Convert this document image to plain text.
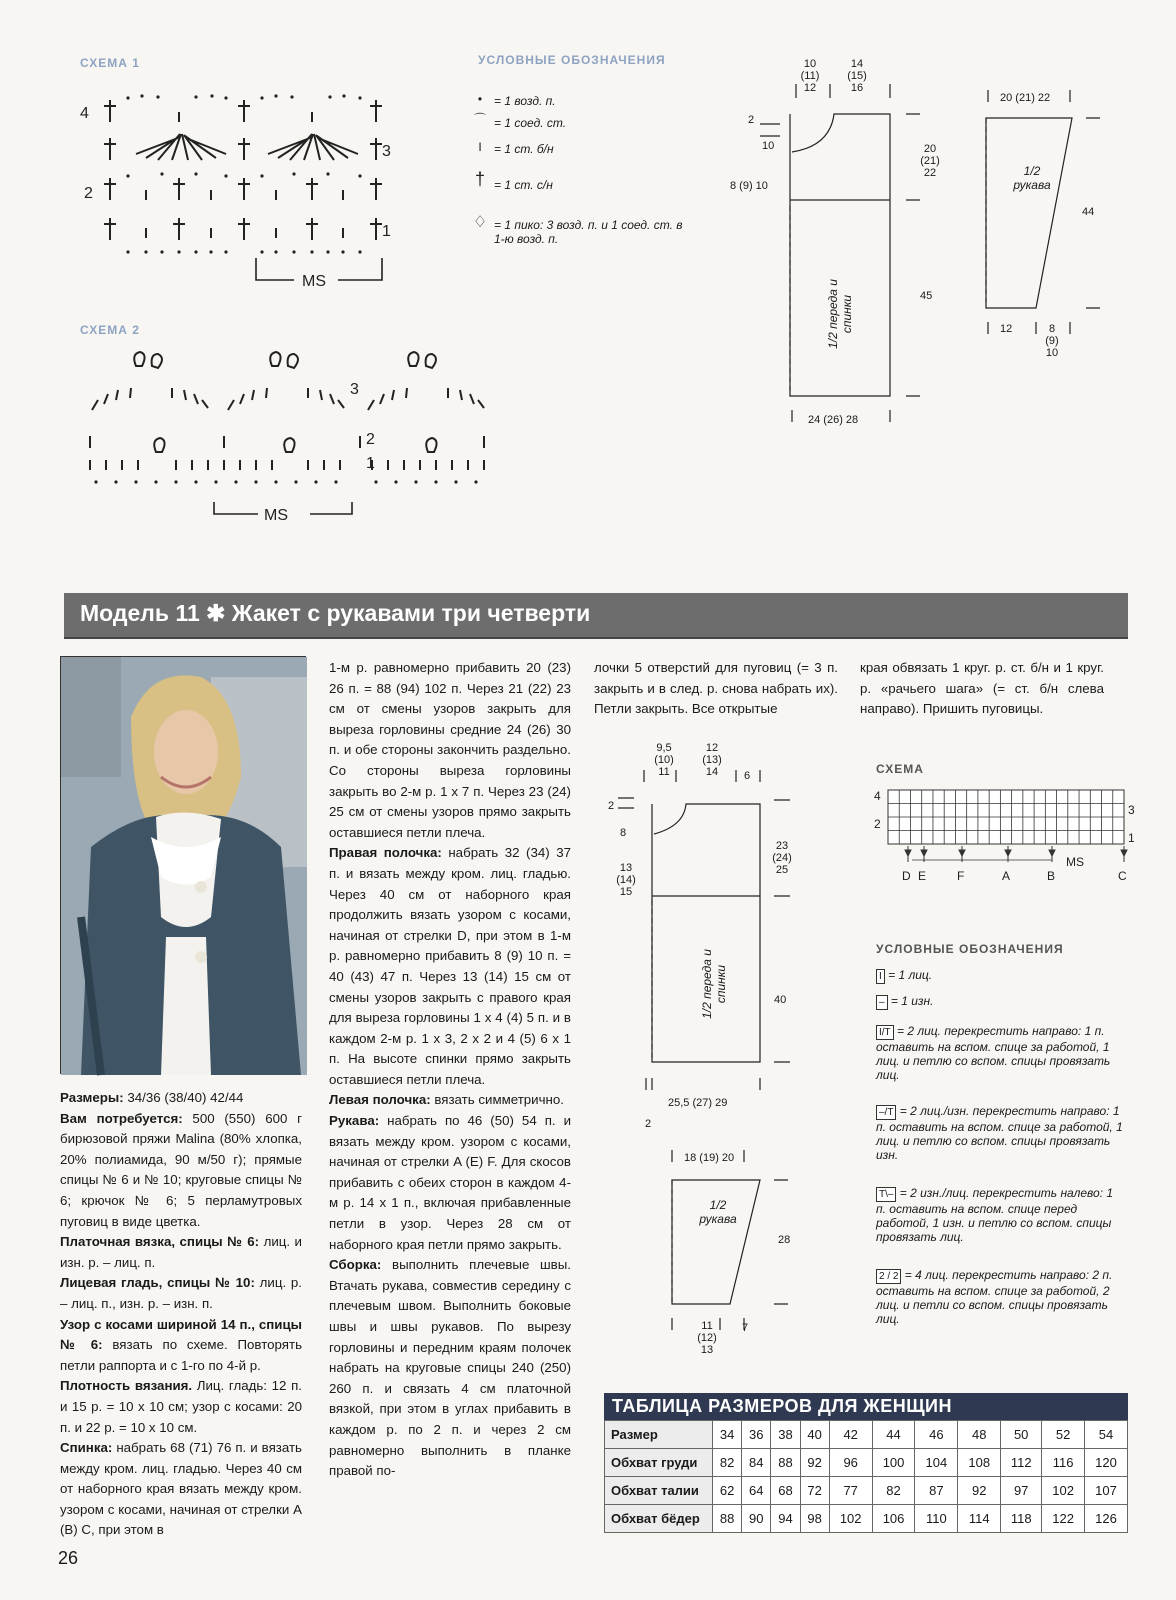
СХЕМА 1
4
3
2
1
MS
СХЕМА 2
3
2
1
MS
УСЛОВНЫЕ ОБОЗНАЧЕНИЯ
• = 1 возд. п.
⌒ = 1 соед. ст.
I	= 1 ст. б/н
† = 1 ст. с/н
♢ = 1 пико: 3 возд. п. и 1 соед. ст. в 1-ю возд. п.
10
(11)
12
14
(15)
16
2
10
8 (9) 10
20
(21)
22
45
24 (26) 28
1/2 переда и спинки
20 (21) 22
44
12	8
(9)
10
1/2 рукава
Модель 11 ✱ Жакет с рукавами три четверти
Размеры: 34/36 (38/40) 42/44
Вам потребуется: 500 (550) 600 г бирюзовой пряжи Malina (80% хлопка, 20% полиамида, 90 м/50 г); прямые спицы № 6 и № 10; круговые спицы № 6; крючок № 6; 5 перламутровых пуговиц в виде цветка.
Платочная вязка, спицы № 6: лиц. и изн. р. – лиц. п.
Лицевая гладь, спицы № 10: лиц. р. – лиц. п., изн. р. – изн. п.
Узор с косами шириной 14 п., спицы № 6: вязать по схеме. Повторять петли раппорта и с 1-го по 4-й р.
Плотность вязания. Лиц. гладь: 12 п. и 15 р. = 10 х 10 см; узор с косами: 20 п. и 22 р. = 10 х 10 см.
Спинка: набрать 68 (71) 76 п. и вязать между кром. лиц. гладью. Через 40 см от наборного края вязать между кром. узором с косами, начиная от стрелки A (B) C, при этом в
1-м р. равномерно прибавить 20 (23) 26 п. = 88 (94) 102 п. Через 21 (22) 23 см от смены узоров закрыть для выреза горловины средние 24 (26) 30 п. и обе стороны закончить раздельно. Со стороны выреза горловины закрыть во 2-м р. 1 х 7 п. Через 23 (24) 25 см от смены узоров прямо закрыть оставшиеся петли плеча.
Правая полочка: набрать 32 (34) 37 п. и вязать между кром. лиц. гладью. Через 40 см от наборного края продолжить вязать узором с косами, начиная от стрелки D, при этом в 1-м р. равномерно прибавить 8 (9) 10 п. = 40 (43) 47 п. Через 13 (14) 15 см от смены узоров закрыть с правого края для выреза горловины 1 х 4 (4) 5 п. и в каждом 2-м р. 1 х 3, 2 х 2 и 4 (5) 6 х 1 п. На высоте спинки прямо закрыть оставшиеся петли плеча.
Левая полочка: вязать симметрично.
Рукава: набрать по 46 (50) 54 п. и вязать между кром. узором с косами, начиная от стрелки A (E) F. Для скосов прибавить с обеих сторон в каждом 4-м р. 14 х 1 п., включая прибавленные петли в узор. Через 28 см от наборного края петли прямо закрыть.
Сборка: выполнить плечевые швы. Втачать рукава, совместив середину с плечевым швом. Выполнить боковые швы и швы рукавов. По вырезу горловины и передним краям полочек набрать на круговые спицы 240 (250) 260 п. и связать 4 см платочной вязкой, при этом в углах прибавить в каждом р. по 2 п. и через 2 см равномерно выполнить в планке правой по-
лочки 5 отверстий для пуговиц (= 3 п. закрыть и в след. р. снова набрать их). Петли закрыть. Все открытые
края обвязать 1 круг. р. ст. б/н и 1 круг. р. «рачьего шага» (= ст. б/н слева направо). Пришить пуговицы.
9,5
(10)
11
12
(13)
14	6
2
8
13
(14)
15
23
(24)
25
40
25,5 (27) 29
2
1/2 переда и спинки
18 (19) 20
28
11
(12)
13
7
1/2 рукава
СХЕМА
4
2
3
1
D E	F	A	B	C
MS
УСЛОВНЫЕ ОБОЗНАЧЕНИЯ
I = 1 лиц.
– = 1 изн.
I/T = 2 лиц. перекрестить направо: 1 п. оставить на вспом. спице за работой, 1 лиц. и петлю со вспом. спицы провязать лиц.
–/T = 2 лиц./изн. перекрестить направо: 1 п. оставить на вспом. спице за работой, 1 лиц. и петлю со вспом. спицы провязать изн.
T\– = 2 изн./лиц. перекрестить налево: 1 п. оставить на вспом. спице перед работой, 1 изн. и петлю со вспом. спицы провязать лиц.
2 / 2 = 4 лиц. перекрестить направо: 2 п. оставить на вспом. спице за работой, 2 лиц. и петли со вспом. спицы провязать лиц.
ТАБЛИЦА РАЗМЕРОВ ДЛЯ ЖЕНЩИН
Размер	34	36	38	40	42	44	46	48	50	52	54
Обхват груди	82	84	88	92	96	100	104	108	112	116	120
Обхват талии	62	64	68	72	77	82	87	92	97	102	107
Обхват бёдер	88	90	94	98	102	106	110	114	118	122	126
26
